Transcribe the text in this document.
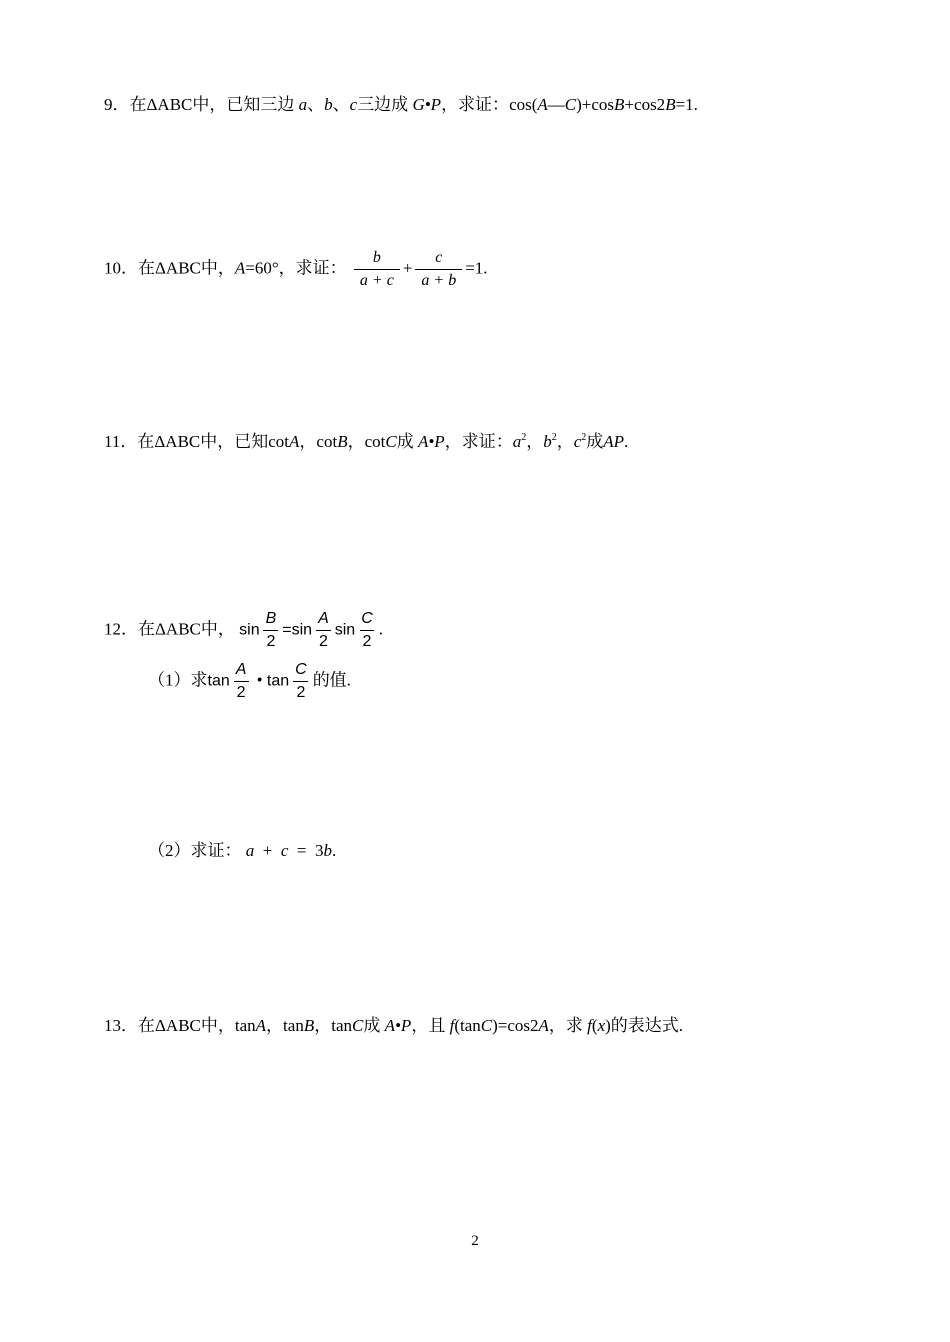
9．在ΔABC中，已知三边 a、b、c三边成 G•P，求证：cos(A—C)+cosB+cos2B=1.
10．在ΔABC中，A=60°，求证： $\frac{b}{a + c} + \frac{c}{a + b} =1$.
11．在ΔABC中，已知cotA，cotB，cotC成 A•P，求证：$a^2$，$b^2$，$c^2$成AP.
12．在ΔABC中， $\sin \frac{B}{2} =\sin \frac{A}{2}$ $\sin \frac{C}{2}$ .
（1）求$\tan \frac{A}{2}$ • $\tan \frac{C}{2}$ 的值.
（2）求证： a + c = 3b.
13．在ΔABC中，tanA，tanB，tanC成 A•P，且 f(tanC)=cos2A，求 f(x)的表达式.
2
